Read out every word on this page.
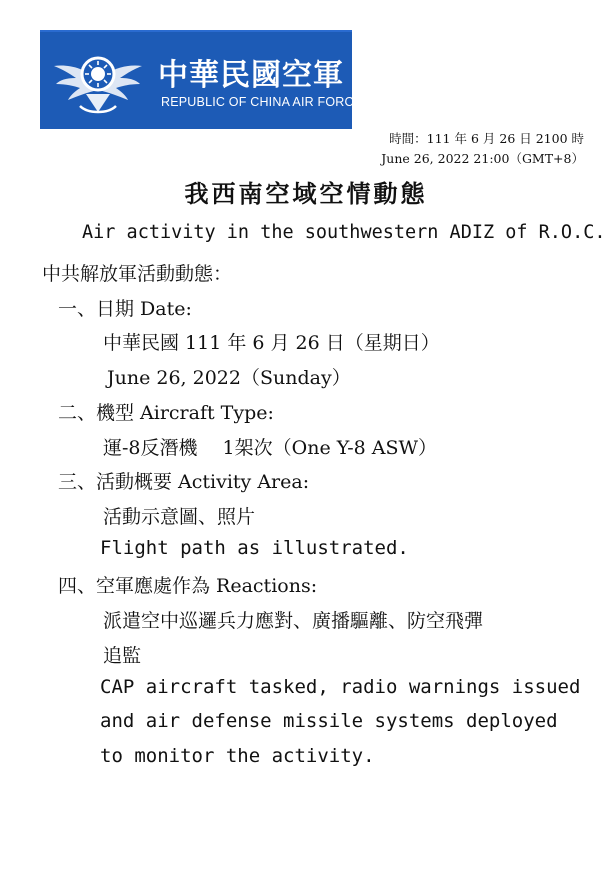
中華民國空軍
REPUBLIC OF CHINA AIR FORCE
時間：111 年 6 月 26 日 2100 時
June 26, 2022 21:00（GMT+8）
我西南空域空情動態
Air activity in the southwestern ADIZ of R.O.C.
中共解放軍活動動態：
一、日期 Date:
中華民國 111 年 6 月 26 日（星期日）
June 26, 2022（Sunday）
二、機型 Aircraft Type:
運-8反潛機　 1架次（One Y-8 ASW）
三、活動概要 Activity Area:
活動示意圖、照片
Flight path as illustrated.
四、空軍應處作為 Reactions:
派遣空中巡邏兵力應對、廣播驅離、防空飛彈
追監
CAP aircraft tasked, radio warnings issued
and air defense missile systems deployed
to monitor the activity.
